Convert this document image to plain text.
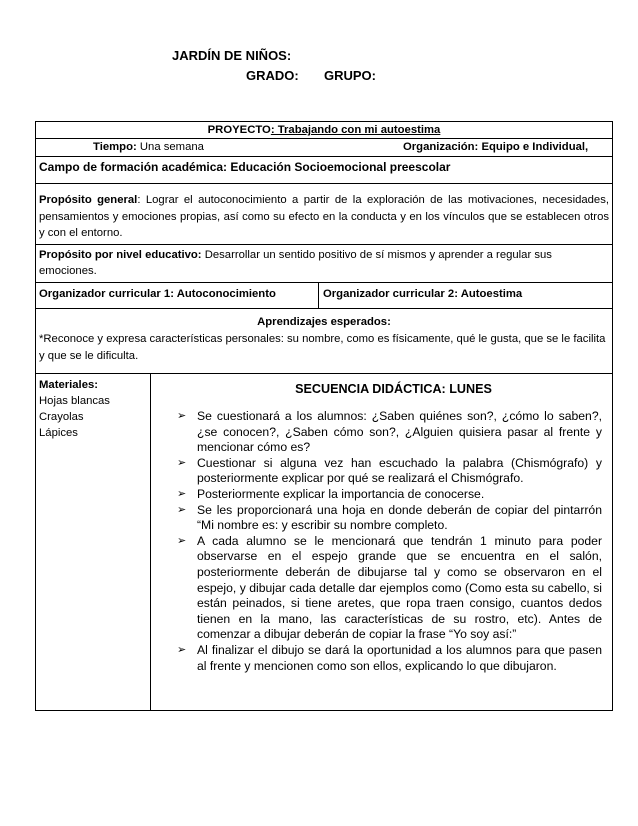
JARDÍN DE NIÑOS:
GRADO: GRUPO:
PROYECTO: Trabajando con mi autoestima
Tiempo: Una semana	Organización: Equipo e Individual,
Campo de formación académica: Educación Socioemocional preescolar
Propósito general: Lograr el autoconocimiento a partir de la exploración de las motivaciones, necesidades, pensamientos y emociones propias, así como su efecto en la conducta y en los vínculos que se establecen otros y con el entorno.
Propósito por nivel educativo: Desarrollar un sentido positivo de sí mismos y aprender a regular sus emociones.
Organizador curricular 1: Autoconocimiento	Organizador curricular 2: Autoestima
Aprendizajes esperados:
*Reconoce y expresa características personales: su nombre, como es físicamente, qué le gusta, que se le facilita y que se le dificulta.
Materiales:
Hojas blancas
Crayolas
Lápices
SECUENCIA DIDÁCTICA: LUNES
➢ Se cuestionará a los alumnos: ¿Saben quiénes son?, ¿cómo lo saben?, ¿se conocen?, ¿Saben cómo son?, ¿Alguien quisiera pasar al frente y mencionar cómo es?
➢ Cuestionar si alguna vez han escuchado la palabra (Chismógrafo) y posteriormente explicar por qué se realizará el Chismógrafo.
➢ Posteriormente explicar la importancia de conocerse.
➢ Se les proporcionará una hoja en donde deberán de copiar del pintarrón “Mi nombre es: y escribir su nombre completo.
➢ A cada alumno se le mencionará que tendrán 1 minuto para poder observarse en el espejo grande que se encuentra en el salón, posteriormente deberán de dibujarse tal y como se observaron en el espejo, y dibujar cada detalle dar ejemplos como (Como esta su cabello, si están peinados, si tiene aretes, que ropa traen consigo, cuantos dedos tienen en la mano, las características de su rostro, etc). Antes de comenzar a dibujar deberán de copiar la frase “Yo soy así:”
➢ Al finalizar el dibujo se dará la oportunidad a los alumnos para que pasen al frente y mencionen como son ellos, explicando lo que dibujaron.
